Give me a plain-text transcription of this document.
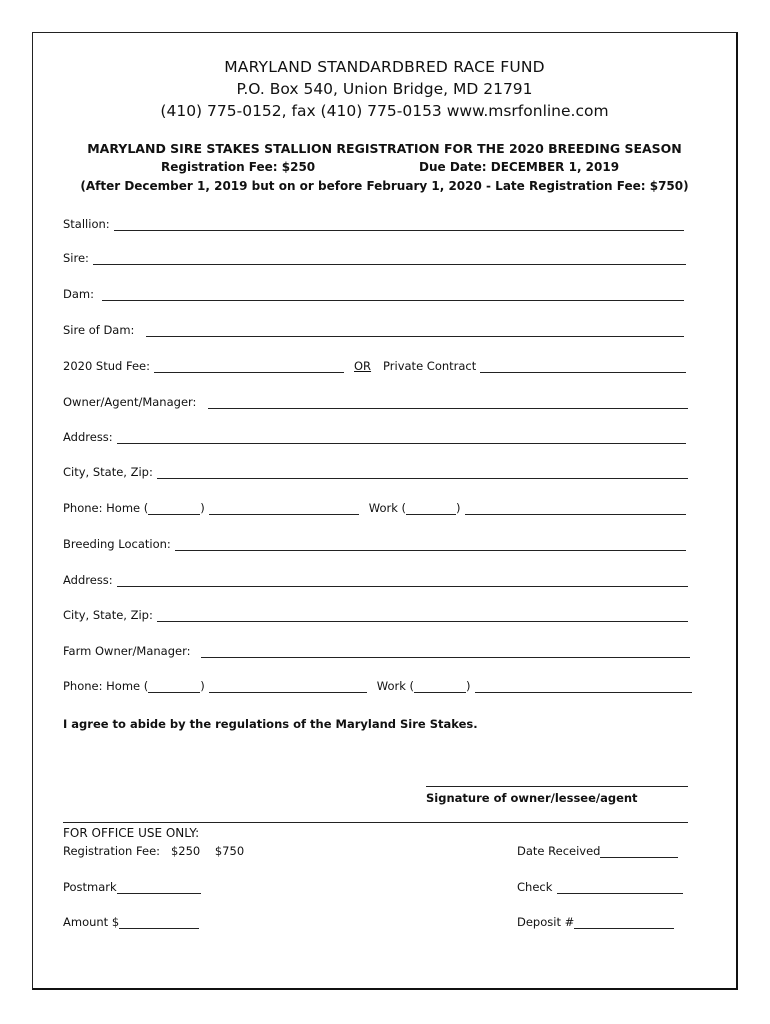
MARYLAND STANDARDBRED RACE FUND
P.O. Box 540, Union Bridge, MD 21791
(410) 775-0152, fax (410) 775-0153 www.msrfonline.com
MARYLAND SIRE STAKES STALLION REGISTRATION FOR THE 2020 BREEDING SEASON
Registration Fee: $250	Due Date: DECEMBER 1, 2019
(After December 1, 2019 but on or before February 1, 2020 - Late Registration Fee: $750)
Stallion:
Sire:
Dam:
Sire of Dam:
2020 Stud Fee:	OR Private Contract
Owner/Agent/Manager:
Address:
City, State, Zip:
Phone: Home (	)	Work (	)
Breeding Location:
Address:
City, State, Zip:
Farm Owner/Manager:
Phone: Home (	)	Work (	)
I agree to abide by the regulations of the Maryland Sire Stakes.
Signature of owner/lessee/agent
FOR OFFICE USE ONLY:
Registration Fee:   $250    $750	Date Received
Postmark	Check
Amount $	Deposit #
